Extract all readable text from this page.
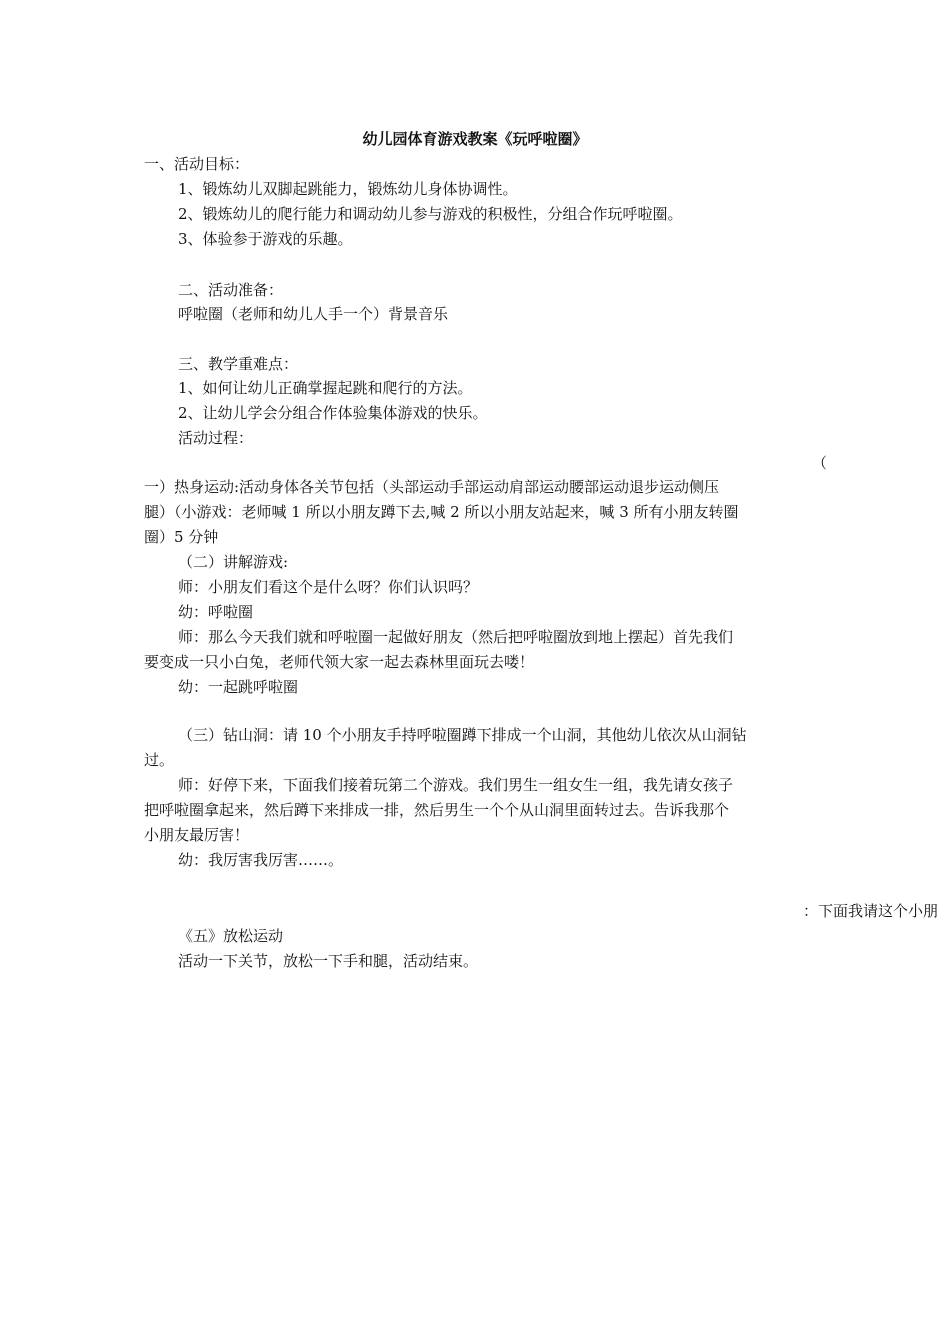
幼儿园体育游戏教案《玩呼啦圈》

一、活动目标：

1、锻炼幼儿双脚起跳能力，锻炼幼儿身体协调性。

2、锻炼幼儿的爬行能力和调动幼儿参与游戏的积极性，分组合作玩呼啦圈。

3、体验参于游戏的乐趣。

二、活动准备：

呼啦圈（老师和幼儿人手一个）背景音乐

三、教学重难点：

1、如何让幼儿正确掌握起跳和爬行的方法。

2、让幼儿学会分组合作体验集体游戏的快乐。

活动过程：

（

一）热身运动:活动身体各关节包括（头部运动手部运动肩部运动腰部运动退步运动侧压

腿）（小游戏：老师喊 1 所以小朋友蹲下去,喊 2 所以小朋友站起来，喊 3 所有小朋友转圈

圈）5 分钟

（二）讲解游戏:

师：小朋友们看这个是什么呀？你们认识吗？

幼：呼啦圈

师：那么今天我们就和呼啦圈一起做好朋友（然后把呼啦圈放到地上摆起）首先我们

要变成一只小白兔，老师代领大家一起去森林里面玩去喽！

幼：一起跳呼啦圈

（三）钻山洞：请 10 个小朋友手持呼啦圈蹲下排成一个山洞，其他幼儿依次从山洞钻

过。

师：好停下来，下面我们接着玩第二个游戏。我们男生一组女生一组，我先请女孩子

把呼啦圈拿起来，然后蹲下来排成一排，然后男生一个个从山洞里面转过去。告诉我那个

小朋友最厉害！

幼：我厉害我厉害……。

：下面我请这个小朋

《五》放松运动

活动一下关节，放松一下手和腿，活动结束。
